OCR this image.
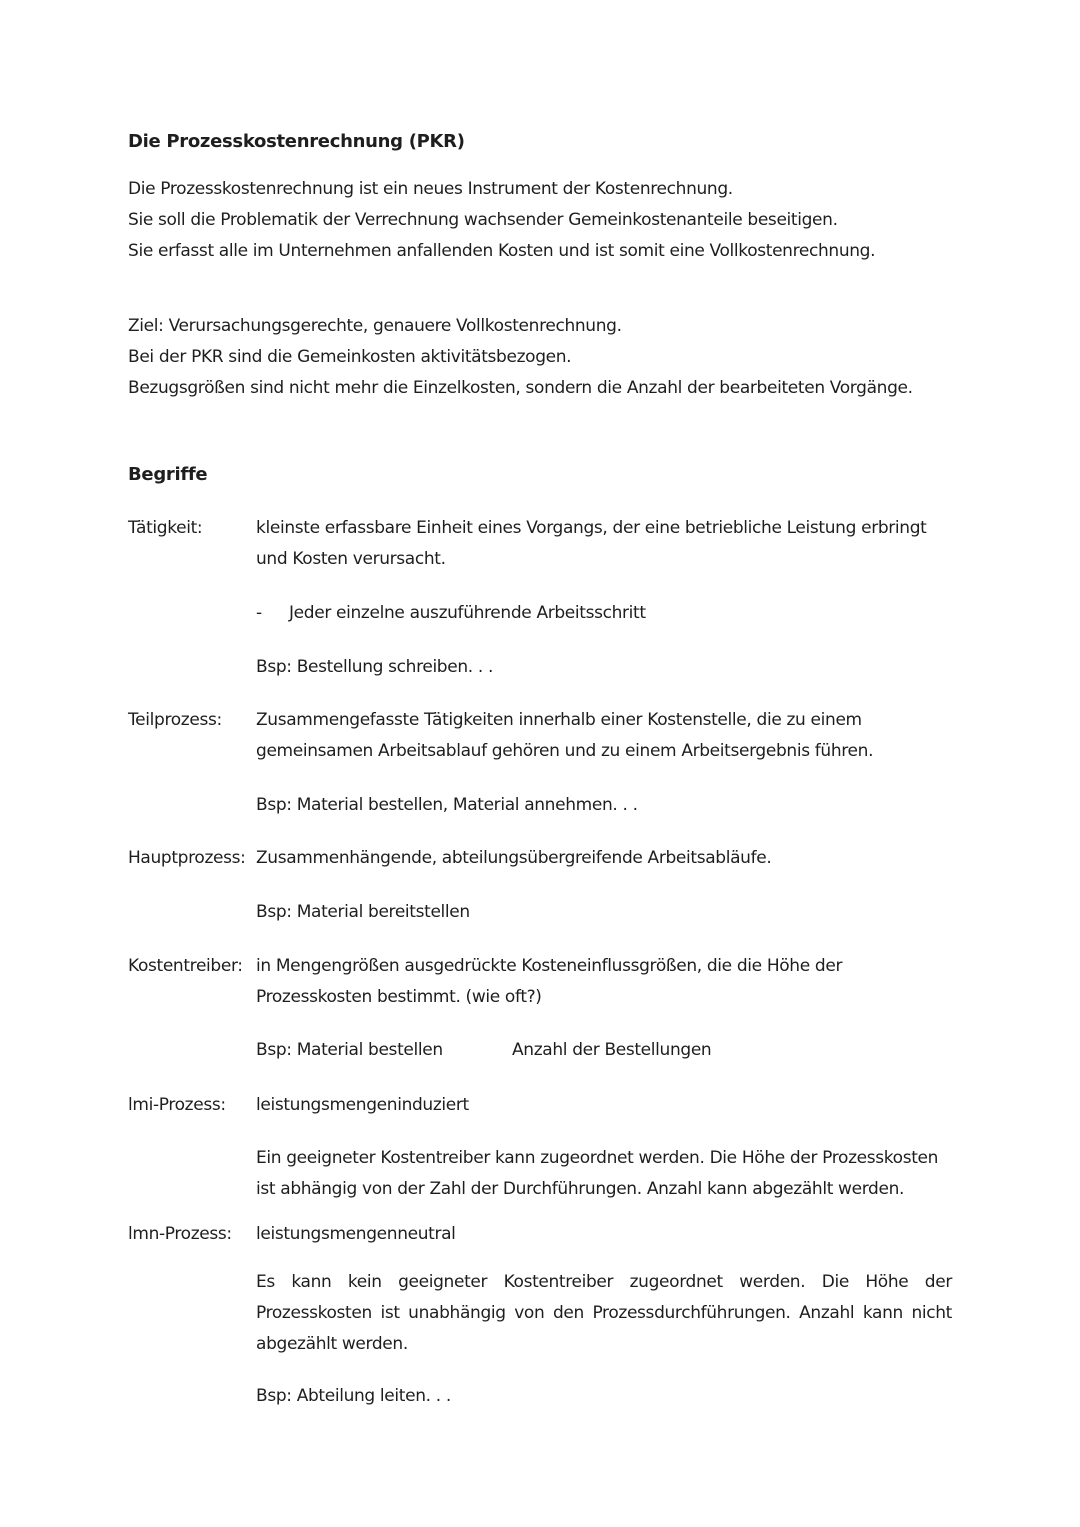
Die Prozesskostenrechnung (PKR)
Die Prozesskostenrechnung ist ein neues Instrument der Kostenrechnung.
Sie soll die Problematik der Verrechnung wachsender Gemeinkostenanteile beseitigen.
Sie erfasst alle im Unternehmen anfallenden Kosten und ist somit eine Vollkostenrechnung.
Ziel: Verursachungsgerechte, genauere Vollkostenrechnung.
Bei der PKR sind die Gemeinkosten aktivitätsbezogen.
Bezugsgrößen sind nicht mehr die Einzelkosten, sondern die Anzahl der bearbeiteten Vorgänge.
Begriffe
Tätigkeit:	kleinste erfassbare Einheit eines Vorgangs, der eine betriebliche Leistung erbringt und Kosten verursacht.
- Jeder einzelne auszuführende Arbeitsschritt
Bsp: Bestellung schreiben. . .
Teilprozess: Zusammengefasste Tätigkeiten innerhalb einer Kostenstelle, die zu einem gemeinsamen Arbeitsablauf gehören und zu einem Arbeitsergebnis führen.
Bsp: Material bestellen, Material annehmen. . .
Hauptprozess: Zusammenhängende, abteilungsübergreifende Arbeitsabläufe.
Bsp: Material bereitstellen
Kostentreiber: in Mengengrößen ausgedrückte Kosteneinflussgrößen, die die Höhe der Prozesskosten bestimmt. (wie oft?)
Bsp: Material bestellen	Anzahl der Bestellungen
lmi-Prozess: leistungsmengeninduziert
Ein geeigneter Kostentreiber kann zugeordnet werden. Die Höhe der Prozesskosten ist abhängig von der Zahl der Durchführungen. Anzahl kann abgezählt werden.
lmn-Prozess: leistungsmengenneutral
Es kann kein geeigneter Kostentreiber zugeordnet werden. Die Höhe der Prozesskosten ist unabhängig von den Prozessdurchführungen. Anzahl kann nicht abgezählt werden.
Bsp: Abteilung leiten. . .
